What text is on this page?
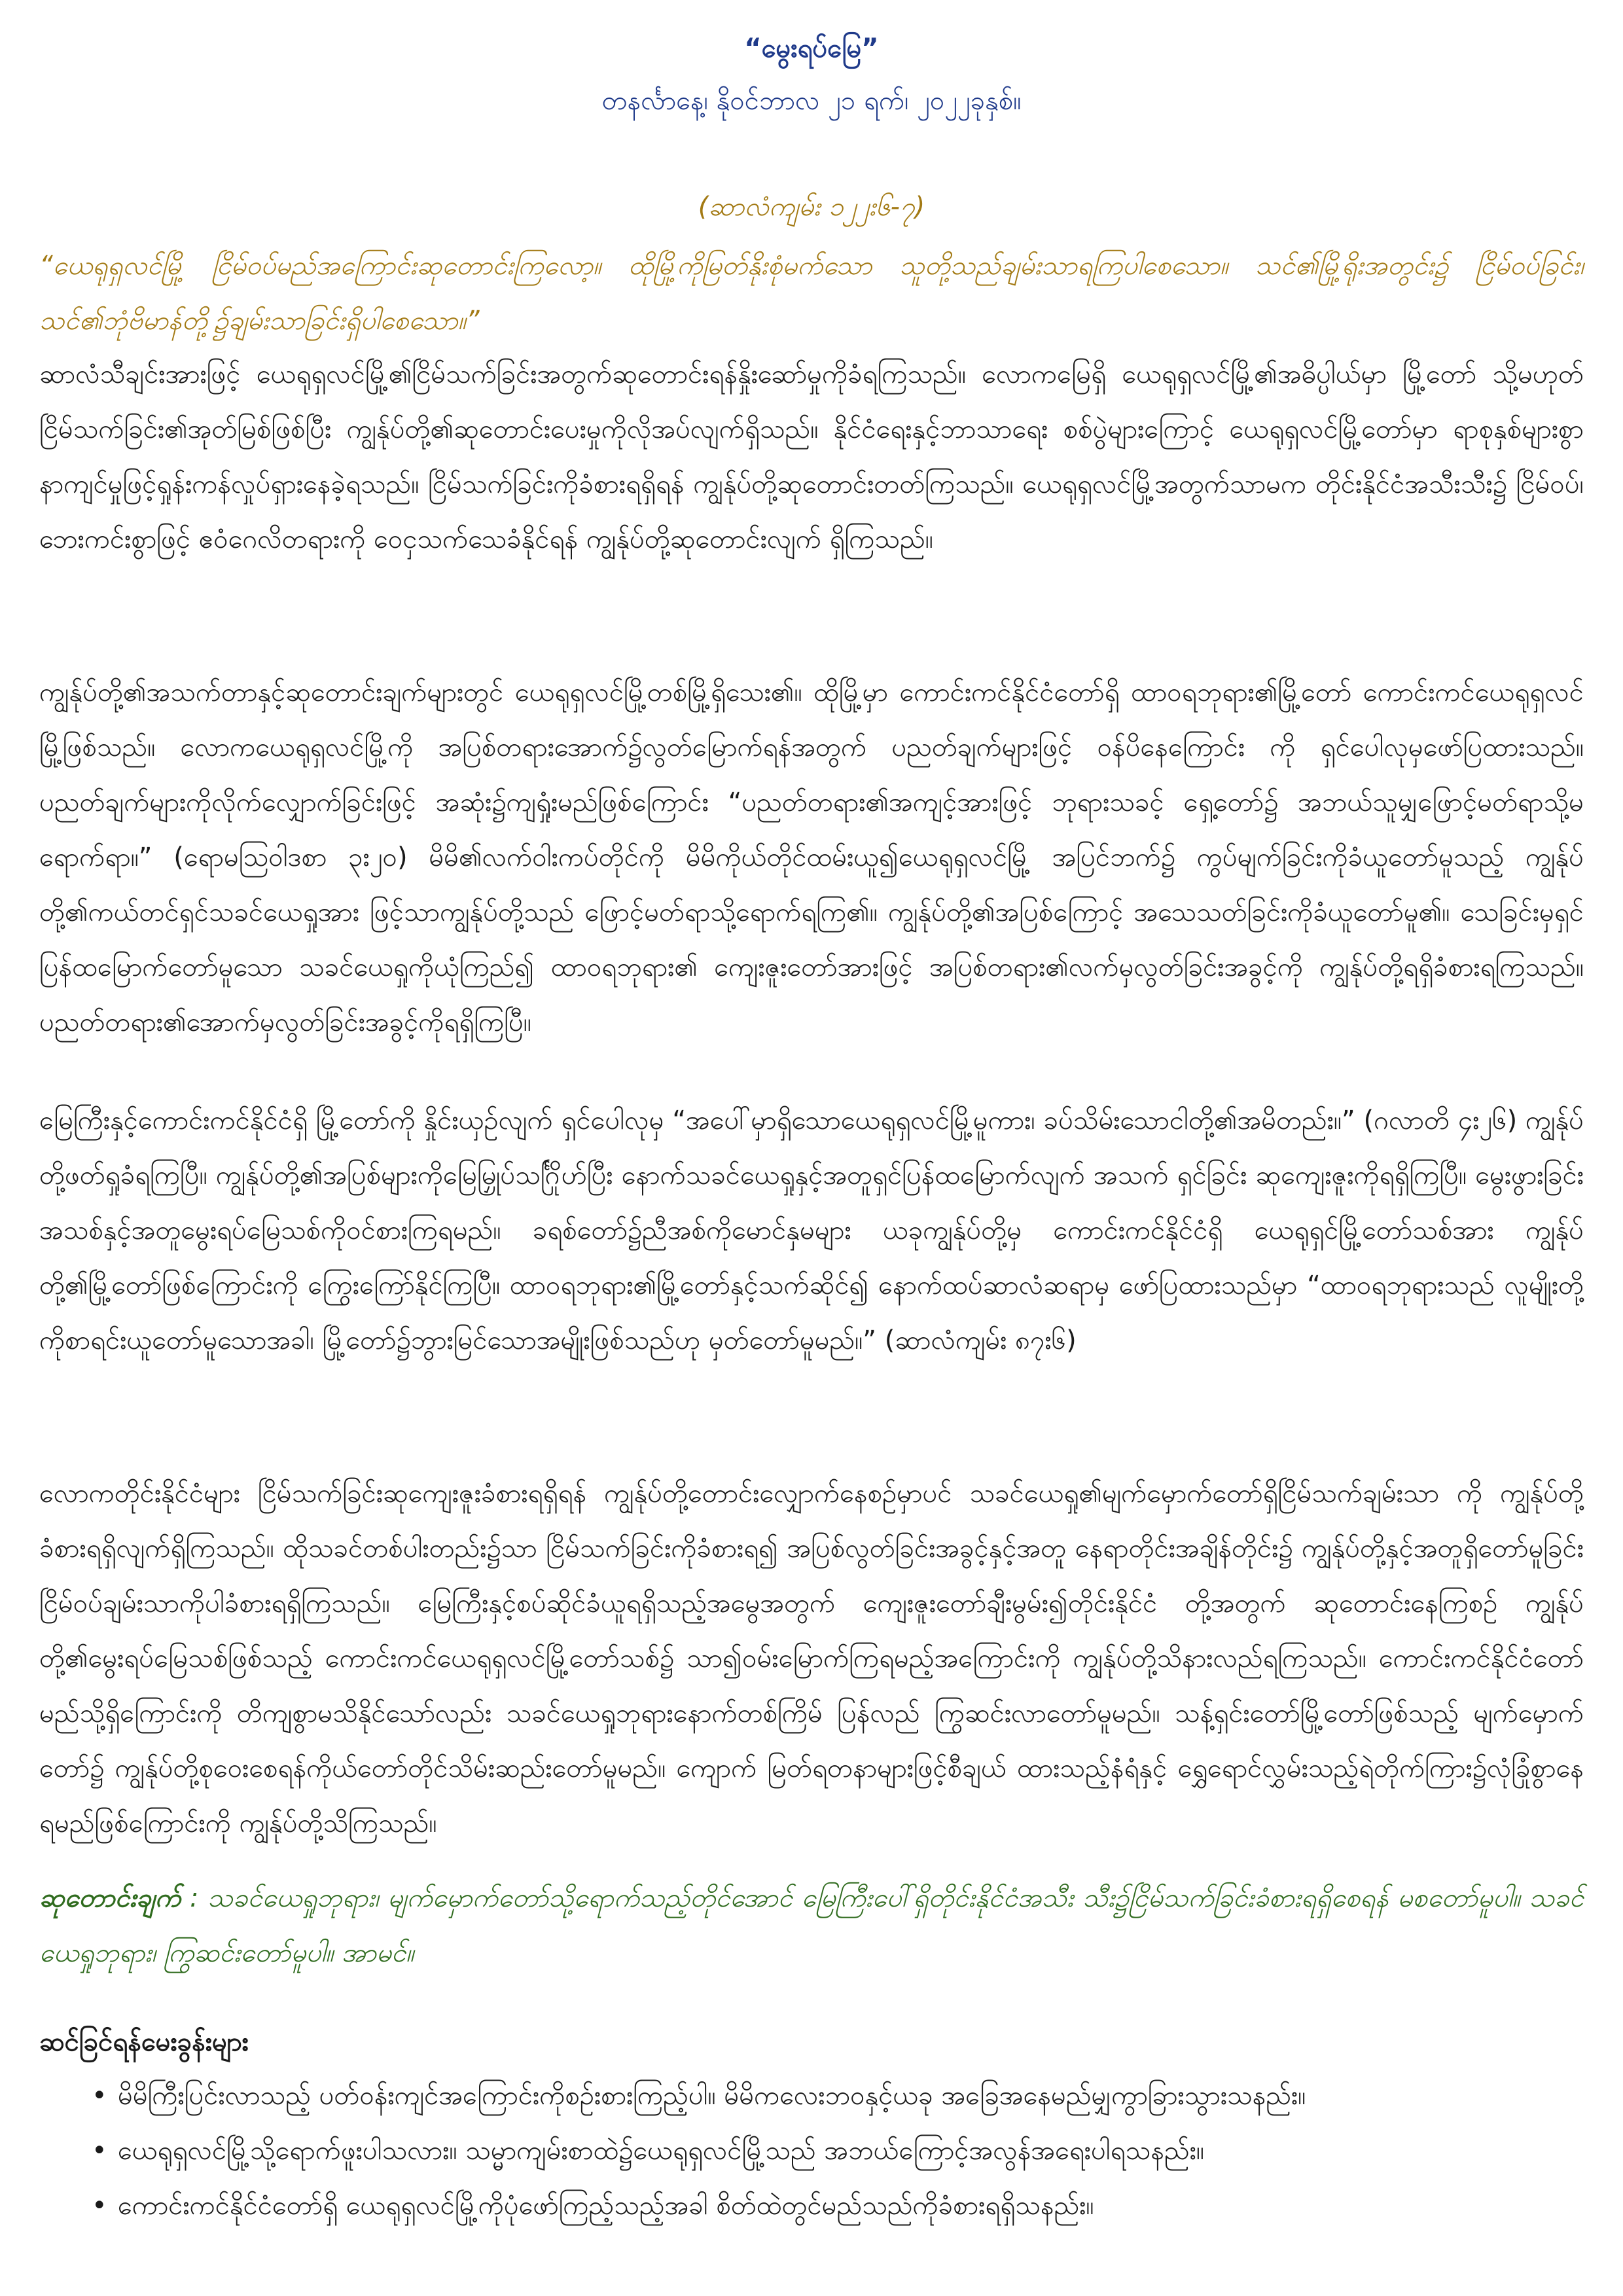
“မွေးရပ်မြေ”
တနင်္လာနေ့၊ နိုဝင်ဘာလ ၂၁ ရက်၊ ၂၀၂၂ခုနှစ်။
(ဆာလံကျမ်း ၁၂၂း၆-၇)
“ယေရုရှလင်မြို့ ငြိမ်ဝပ်မည်အကြောင်းဆုတောင်းကြလော့။ ထိုမြို့ကိုမြတ်နိုးစုံမက်သော သူတို့သည်ချမ်းသာရကြပါစေသော။ သင်၏မြို့ရိုးအတွင်း၌ ငြိမ်ဝပ်ခြင်း၊ သင်၏ဘုံဗိမာန်တို့၌ချမ်းသာခြင်းရှိပါစေသော။”
ဆာလံသီချင်းအားဖြင့် ယေရုရှလင်မြို့၏ငြိမ်သက်ခြင်းအတွက်ဆုတောင်းရန်နှိုးဆော်မှုကိုခံရကြသည်။ လောကမြေရှိ ယေရုရှလင်မြို့၏အဓိပ္ပါယ်မှာ မြို့တော် သို့မဟုတ် ငြိမ်သက်ခြင်း၏အုတ်မြစ်ဖြစ်ပြီး ကျွန်ုပ်တို့၏ဆုတောင်းပေးမှုကိုလိုအပ်လျက်ရှိသည်။ နိုင်ငံရေးနှင့်ဘာသာရေး စစ်ပွဲများကြောင့် ယေရုရှလင်မြို့တော်မှာ ရာစုနှစ်များစွာ နာကျင်မှုဖြင့်ရှုန်းကန်လှုပ်ရှားနေခဲ့ရသည်။ ငြိမ်သက်ခြင်းကိုခံစားရရှိရန် ကျွန်ုပ်တို့ဆုတောင်းတတ်ကြသည်။ ယေရုရှလင်မြို့အတွက်သာမက တိုင်းနိုင်ငံအသီးသီး၌ ငြိမ်ဝပ်၊ ဘေးကင်းစွာဖြင့် ဧဝံဂေလိတရားကို ဝေငှသက်သေခံနိုင်ရန် ကျွန်ုပ်တို့ဆုတောင်းလျက် ရှိကြသည်။
ကျွန်ုပ်တို့၏အသက်တာနှင့်ဆုတောင်းချက်များတွင် ယေရုရှလင်မြို့တစ်မြို့ရှိသေး၏။ ထိုမြို့မှာ ကောင်းကင်နိုင်ငံတော်ရှိ ထာဝရဘုရား၏မြို့တော် ကောင်းကင်ယေရုရှလင်မြို့ဖြစ်သည်။ လောကယေရုရှလင်မြို့ကို အပြစ်တရားအောက်၌လွတ်မြောက်ရန်အတွက် ပညတ်ချက်များဖြင့် ဝန်ပိနေကြောင်း ကို ရှင်ပေါလုမှဖော်ပြထားသည်။ ပညတ်ချက်များကိုလိုက်လျှောက်ခြင်းဖြင့် အဆုံး၌ကျရှုံးမည်ဖြစ်ကြောင်း “ပညတ်တရား၏အကျင့်အားဖြင့် ဘုရားသခင့် ရှေ့တော်၌ အဘယ်သူမျှဖြောင့်မတ်ရာသို့မရောက်ရာ။” (ရောမဩဝါဒစာ ၃း၂၀) မိမိ၏လက်ဝါးကပ်တိုင်ကို မိမိကိုယ်တိုင်ထမ်းယူ၍ယေရုရှလင်မြို့ အပြင်ဘက်၌ ကွပ်မျက်ခြင်းကိုခံယူတော်မူသည့် ကျွန်ုပ်တို့၏ကယ်တင်ရှင်သခင်ယေရှုအား ဖြင့်သာကျွန်ုပ်တို့သည် ဖြောင့်မတ်ရာသို့ရောက်ရကြ၏။ ကျွန်ုပ်တို့၏အပြစ်ကြောင့် အသေသတ်ခြင်းကိုခံယူတော်မူ၏။ သေခြင်းမှရှင်ပြန်ထမြောက်တော်မူသော သခင်ယေရှုကိုယုံကြည်၍ ထာဝရဘုရား၏ ကျေးဇူးတော်အားဖြင့် အပြစ်တရား၏လက်မှလွတ်ခြင်းအခွင့်ကို ကျွန်ုပ်တို့ရရှိခံစားရကြသည်။ ပညတ်တရား၏အောက်မှလွတ်ခြင်းအခွင့်ကိုရရှိကြပြီ။
မြေကြီးနှင့်ကောင်းကင်နိုင်ငံရှိ မြို့တော်ကို နှိုင်းယှဉ်လျက် ရှင်ပေါလုမှ “အပေါ်မှာရှိသောယေရုရှလင်မြို့မူကား၊ ခပ်သိမ်းသောငါတို့၏အမိတည်း။” (ဂလာတိ ၄း၂၆) ကျွန်ုပ်တို့ဖတ်ရှုခံရကြပြီ။ ကျွန်ုပ်တို့၏အပြစ်များကိုမြေမြှုပ်သင်္ဂြိုဟ်ပြီး နောက်သခင်ယေရှုနှင့်အတူရှင်ပြန်ထမြောက်လျက် အသက် ရှင်ခြင်း ဆုကျေးဇူးကိုရရှိကြပြီ။ မွေးဖွားခြင်းအသစ်နှင့်အတူမွေးရပ်မြေသစ်ကိုဝင်စားကြရမည်။ ခရစ်တော်၌ညီအစ်ကိုမောင်နှမများ ယခုကျွန်ုပ်တို့မှ ကောင်းကင်နိုင်ငံရှိ ယေရုရှင်မြို့တော်သစ်အား ကျွန်ုပ်တို့၏မြို့တော်ဖြစ်ကြောင်းကို ကြွေးကြော်နိုင်ကြပြီ။ ထာဝရဘုရား၏မြို့တော်နှင့်သက်ဆိုင်၍ နောက်ထပ်ဆာလံဆရာမှ ဖော်ပြထားသည်မှာ “ထာဝရဘုရားသည် လူမျိုးတို့ကိုစာရင်းယူတော်မူသောအခါ၊ မြို့တော်၌ဘွားမြင်သောအမျိုးဖြစ်သည်ဟု မှတ်တော်မူမည်။” (ဆာလံကျမ်း ၈၇း၆)
လောကတိုင်းနိုင်ငံများ ငြိမ်သက်ခြင်းဆုကျေးဇူးခံစားရရှိရန် ကျွန်ုပ်တို့တောင်းလျှောက်နေစဉ်မှာပင် သခင်ယေရှု၏မျက်မှောက်တော်ရှိငြိမ်သက်ချမ်းသာ ကို ကျွန်ုပ်တို့ခံစားရရှိလျက်ရှိကြသည်။ ထိုသခင်တစ်ပါးတည်း၌သာ ငြိမ်သက်ခြင်းကိုခံစားရ၍ အပြစ်လွတ်ခြင်းအခွင့်နှင့်အတူ နေရာတိုင်းအချိန်တိုင်း၌ ကျွန်ုပ်တို့နှင့်အတူရှိတော်မူခြင်း ငြိမ်ဝပ်ချမ်းသာကိုပါခံစားရရှိကြသည်။ မြေကြီးနှင့်စပ်ဆိုင်ခံယူရရှိသည့်အမွေအတွက် ကျေးဇူးတော်ချီးမွမ်း၍တိုင်းနိုင်ငံ တို့အတွက် ဆုတောင်းနေကြစဉ် ကျွန်ုပ်တို့၏မွေးရပ်မြေသစ်ဖြစ်သည့် ကောင်းကင်ယေရုရှလင်မြို့တော်သစ်၌ သာ၍ဝမ်းမြောက်ကြရမည့်အကြောင်းကို ကျွန်ုပ်တို့သိနားလည်ရကြသည်။ ကောင်းကင်နိုင်ငံတော်မည်သို့ရှိကြောင်းကို တိကျစွာမသိနိုင်သော်လည်း သခင်ယေရှုဘုရားနောက်တစ်ကြိမ် ပြန်လည် ကြွဆင်းလာတော်မူမည်။ သန့်ရှင်းတော်မြို့တော်ဖြစ်သည့် မျက်မှောက်တော်၌ ကျွန်ုပ်တို့စုဝေးစေရန်ကိုယ်တော်တိုင်သိမ်းဆည်းတော်မူမည်။ ကျောက် မြတ်ရတနာများဖြင့်စီချယ် ထားသည့်နံရံနှင့် ရွှေရောင်လွှမ်းသည့်ရဲတိုက်ကြား၌လုံခြုံစွာနေရမည်ဖြစ်ကြောင်းကို ကျွန်ုပ်တို့သိကြသည်။
ဆုတောင်းချက် : သခင်ယေရှုဘုရား၊ မျက်မှောက်တော်သို့ရောက်သည့်တိုင်အောင် မြေကြီးပေါ်ရှိတိုင်းနိုင်ငံအသီး သီး၌ငြိမ်သက်ခြင်းခံစားရရှိစေရန် မစတော်မူပါ။ သခင်ယေရှုဘုရား၊ ကြွဆင်းတော်မူပါ။ အာမင်။
ဆင်ခြင်ရန်မေးခွန်းများ
• မိမိကြီးပြင်းလာသည့် ပတ်ဝန်းကျင်အကြောင်းကိုစဉ်းစားကြည့်ပါ။ မိမိကလေးဘဝနှင့်ယခု အခြေအနေမည်မျှကွာခြားသွားသနည်း။
• ယေရုရှလင်မြို့သို့ရောက်ဖူးပါသလား။ သမ္မာကျမ်းစာထဲ၌ယေရုရှလင်မြို့သည် အဘယ်ကြောင့်အလွန်အရေးပါရသနည်း။
• ကောင်းကင်နိုင်ငံတော်ရှိ ယေရုရှလင်မြို့ကိုပုံဖော်ကြည့်သည့်အခါ စိတ်ထဲတွင်မည်သည်ကိုခံစားရရှိသနည်း။
